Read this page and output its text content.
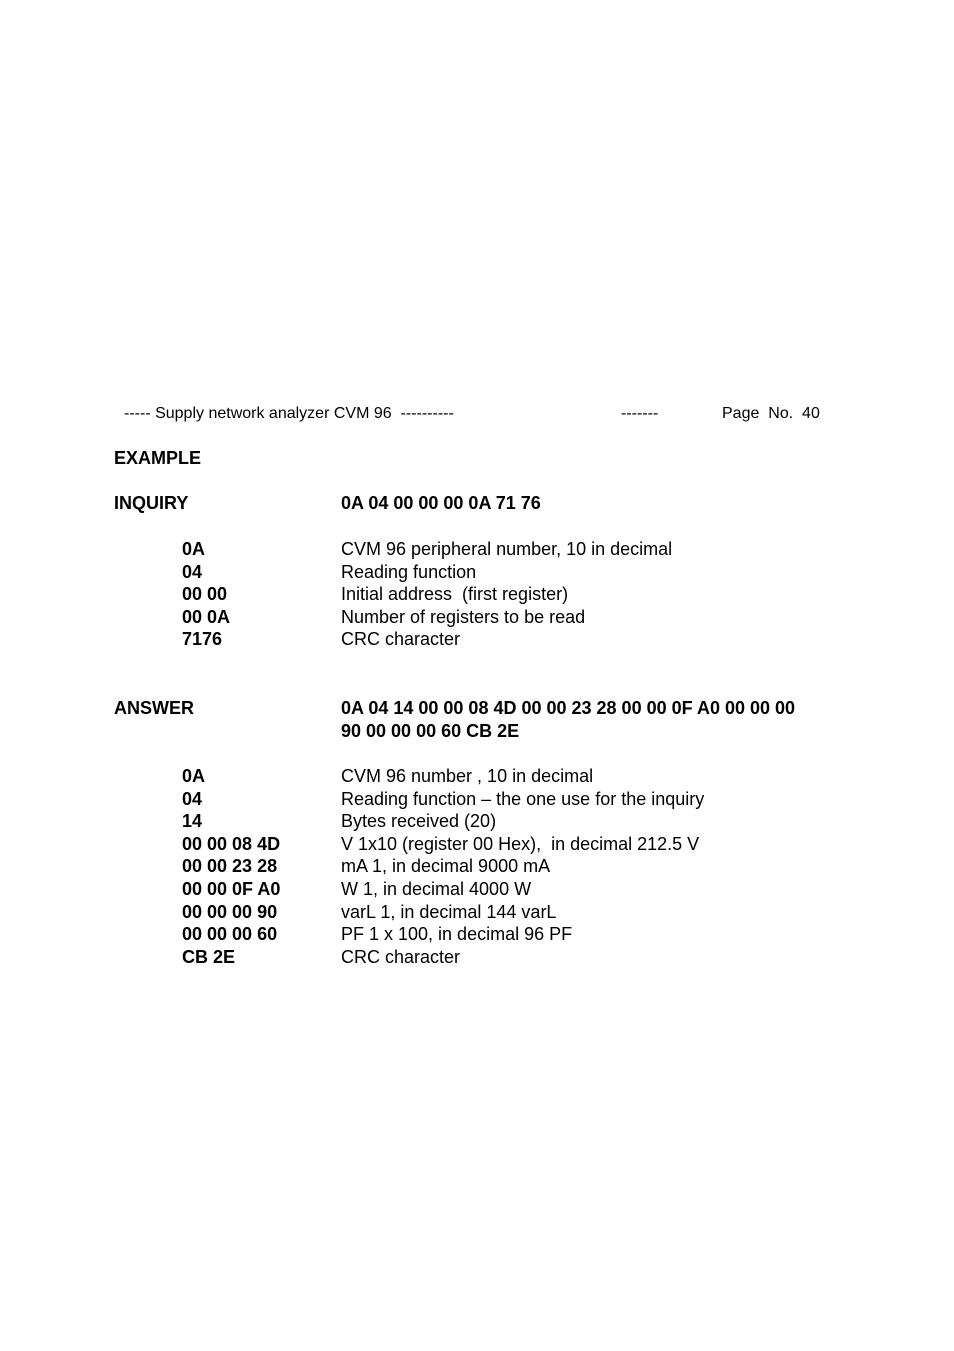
----- Supply network analyzer CVM 96  ----------	-------	Page  No.  40
EXAMPLE
INQUIRY	0A 04 00 00 00 0A 71 76
0A	CVM 96 peripheral number, 10 in decimal
04	Reading function
00 00	Initial address  (first register)
00 0A	Number of registers to be read
7176	CRC character
ANSWER	0A 04 14 00 00 08 4D 00 00 23 28 00 00 0F A0 00 00 00
90 00 00 00 60 CB 2E
0A	CVM 96 number , 10 in decimal
04	Reading function – the one use for the inquiry
14	Bytes received (20)
00 00 08 4D	V 1x10 (register 00 Hex),  in decimal 212.5 V
00 00 23 28	mA 1, in decimal 9000 mA
00 00 0F A0	W 1, in decimal 4000 W
00 00 00 90	varL 1, in decimal 144 varL
00 00 00 60	PF 1 x 100, in decimal 96 PF
CB 2E	CRC character
